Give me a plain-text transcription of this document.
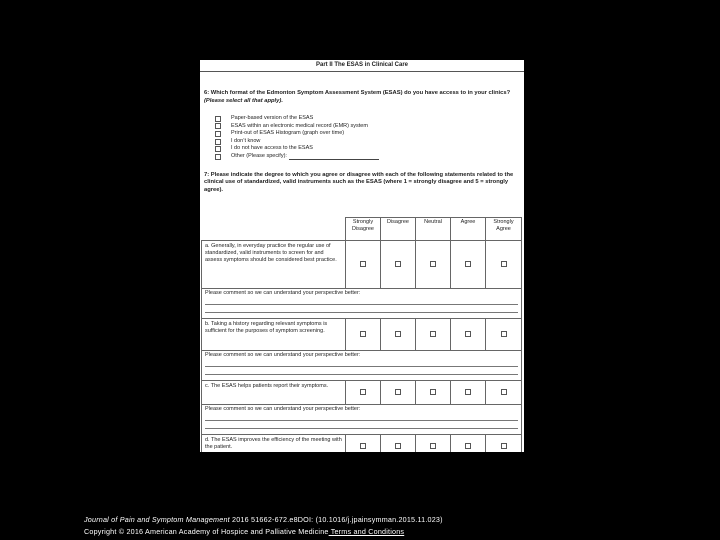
Part II The ESAS in Clinical Care
6: Which format of the Edmonton Symptom Assessment System (ESAS) do you have access to in your clinics? (Please select all that apply).
Paper-based version of the ESAS
ESAS within an electronic medical record (EMR) system
Print-out of ESAS Histogram (graph over time)
I don’t know
I do not have access to the ESAS
Other (Please specify):
7: Please indicate the degree to which you agree or disagree with each of the following statements related to the clinical use of standardized, valid instruments such as the ESAS (where 1 = strongly disagree and 5 = strongly agree).
	Strongly Disagree	Disagree	Neutral	Agree	Strongly Agree
a. Generally, in everyday practice the regular use of standardized, valid instruments to screen for and assess symptoms should be considered best practice.					

Please comment so we can understand your perspective better:					

b. Taking a history regarding relevant symptoms is sufficient for the purposes of symptom screening.					

Please comment so we can understand your perspective better:					

c. The ESAS helps patients report their symptoms.					

Please comment so we can understand your perspective better:					

d. The ESAS improves the efficiency of the meeting with the patient.					
Journal of Pain and Symptom Management 2016 51662-672.e8DOI: (10.1016/j.jpainsymman.2015.11.023)
Copyright © 2016 American Academy of Hospice and Palliative Medicine Terms and Conditions
